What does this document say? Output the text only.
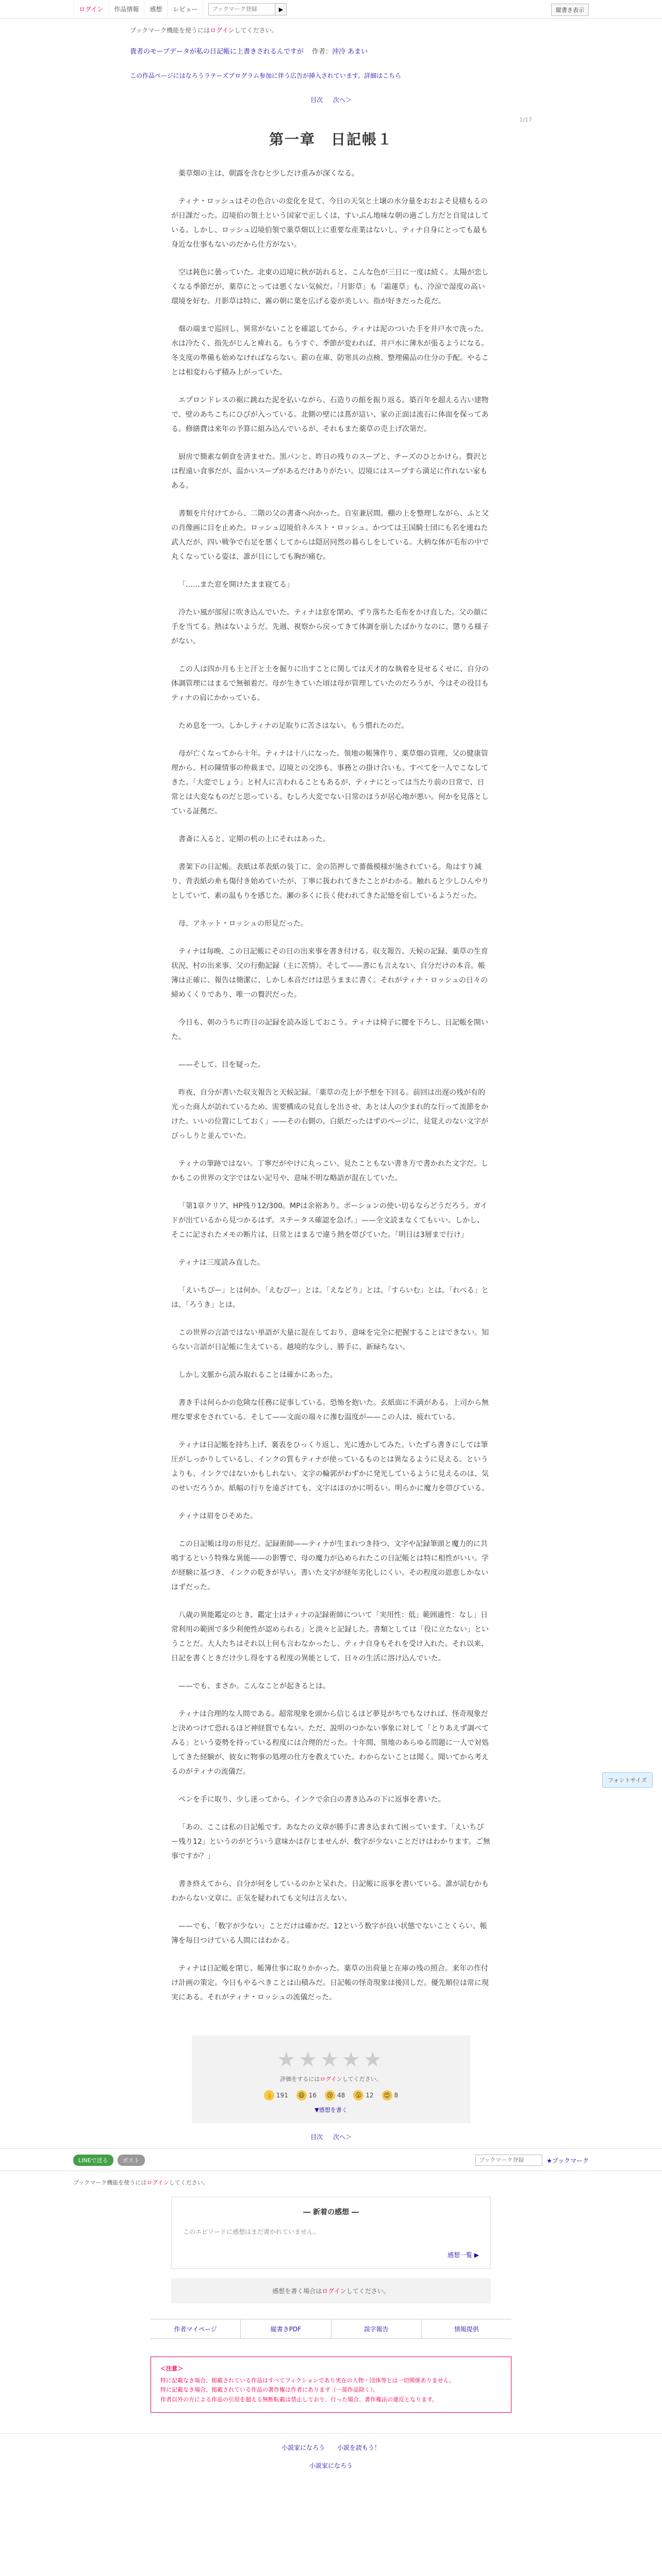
ログイン	作品情報	感想	レビュー
ブックマーク登録	▶	縦書き表示
ブックマーク機能を使うにはログインしてください。
貴者のモーブデータが私の日記帳に上書きされるんですが 作者：沖冷 あまい
この作品ページにはなろうラテーズプログラム参加に伴う広告が挿入されています。詳細はこちら
目次 次へ＞
1/17
第一章　日記帳１

薬草畑の主は、朝露を含むと少しだけ重みが深くなる。

ティナ・ロッシュはその色合いの変化を見て、今日の天気と土壌の水分量をおおよそ見積もるのが日課だった。辺境伯の領土という国家で正しくは、すいぶん地味な朝の過ごし方だと自覚はしている。しかし、ロッシュ辺境伯領で薬草畑以上に重要な産業はないし、ティナ自身にとっても最も身近な仕事もないのだから仕方がない。

空は鈍色に曇っていた。北東の辺境に秋が訪れると、こんな色が三日に一度は続く。太陽が恋しくなる季節だが、薬草にとっては悪くない気候だ。「月影草」も「霜蓮草」も、冷涼で湿度の高い環境を好む。月影草は特に、霧の朝に葉を広げる姿が美しい。指が好きだった花だ。

畑の端まで巡回し、異常がないことを確認してから、ティナは泥のついた手を井戸水で洗った。水は冷たく、指先がじんと痺れる。もうすぐ、季節が変われば、井戸水に薄氷が張るようになる。冬支度の準備も始めなければならない。薪の在庫、防寒具の点検、整理備品の仕分の手配。やることは相変わらず積み上がっていた。

エプロンドレスの裾に跳ねた泥を払いながら、石造りの館を振り返る。築百年を超える古い建物で、壁のあちこちにひびが入っている。北側の壁には蔦が這い、家の正面は流石に体面を保ってある。修繕費は来年の予算に組み込んでいるが、それもまた薬草の売上げ次第だ。

厨房で簡素な朝食を済ませた。黒パンと、昨日の残りのスープと、チーズのひとかけら。贅沢とは程遠い食事だが、温かいスープがあるだけありがたい。辺境にはスープすら満足に作れない家もある。

書類を片付けてから、二階の父の書斎へ向かった。自室兼居間。棚の上を整理しながら、ふと父の肖像画に目を止めた。ロッシュ辺境伯ネルスト・ロッシュ。かつては王国騎士団にも名を連ねた武人だが、四い戦争で右足を悪くしてからは隠居同然の暮らしをしている。大柄な体が毛布の中で丸くなっている姿は、誰が目にしても胸が痛む。

「……また窓を開けたまま寝てる」

冷たい風が部屋に吹き込んでいた。ティナは窓を閉め、ずり落ちた毛布をかけ直した。父の顔に手を当てる。熱はないようだ。先週、視察から戻ってきて体調を崩したばかりなのに、懲りる様子がない。

この人は四か月も土と汗と土を掘りに出すことに関しては天才的な執着を見せるくせに、自分の体調管理にはまるで無頓着だ。母が生きていた頃は母が管理していたのだろうが、今はその役目もティナの肩にかかっている。

ため息を一つ。しかしティナの足取りに苦さはない。もう慣れたのだ。

母が亡くなってから十年。ティナは十八になった。領地の帳簿作り、薬草畑の管理、父の健康管理から、村の陳情事の仲裁まで。辺境との交渉も、事務との掛け合いも、すべてを一人でこなしてきた。「大変でしょう」と村人に言われることもあるが、ティナにとっては当たり前の日常で、日常とは大変なものだと思っている。むしろ大変でない日常のほうが居心地が悪い。何かを見落としている証拠だ。

書斎に入ると、定期の机の上にそれはあった。

書架下の日記帳。表紙は革表紙の装丁に、金の箔押しで薔薇模様が施されている。角はすり減り、背表紙の糸も傷付き始めていたが、丁寧に扱われてきたことがわかる。触れると少しひんやりとしていて、素の温もりを感じた。瀬の多くに長く使われてきた記憶を宿しているようだった。

母、アネット・ロッシュの形見だった。

ティナは毎晩、この日記帳にその日の出来事を書き付ける。収支報告、天候の記録、薬草の生育状況、村の出来事、父の行動記録（主に苦情）。そして——書にも言えない、自分だけの本音。帳簿は正確に、報告は簡潔に、しかし本音だけは思うままに書く。それがティナ・ロッシュの日々の締めくくりであり、唯一の贅沢だった。

今日も、朝のうちに昨日の記録を読み返しておこう。ティナは椅子に腰を下ろし、日記帳を開いた。

——そして、目を疑った。

昨夜、自分が書いた収支報告と天候記録。「薬草の売上が予想を下回る。前回は出遅の残が有的光った商人が訪れているため、需要構成の見直しを出させ、あとは人の少まれ的な行って流節をかけた。いいの位置にしておく」——その右側の、白紙だったはずのページに、見覚えのない文字がびっしりと並んでいた。

ティナの筆跡ではない。丁寧だがやけに丸っこい、見たこともない書き方で書かれた文字だ。しかもこの世界の文字ではない記号や、意味不明な略語が混在していた。

「第1章クリア、HP残り12/300。MPは余裕あり。ポーションの使い切るならどうだろう。ガイドが出ているから見つかるはず。ステータス確認を急げ。」——全文読まなくてもいい。しかし、そこに記されたメモの断片は、日常とはまるで違う熱を帯びていた。「明日は3層まで行け」

ティナは三度読み直した。

「えいちぴー」とは何か。「えむぴー」とは。「えなどり」とは。「すらいむ」とは。「れべる」とは、「ろうき」とは。

この世界の言語ではない単語が大量に混在しており、意味を完全に把握することはできない。知らない言語が日記帳に生えている。越境的な少し、勝手に、新緑ちない。

しかし文脈から読み取れることは確かにあった。

書き手は何らかの危険な任務に従事している。恐怖を抱いた。玄紙面に不満がある。上司から無理な要求をされている。そして——文面の端々に滲む温度が——この人は、疲れている。

ティナは日記帳を持ち上げ、裏表をひっくり返し、光に透かしてみた。いたずら書きにしては筆圧がしっかりしているし、インクの質もティナが使っているものとは異なるように見える。というよりも、インクではないかもしれない。文字の輪郭がわずかに発光しているように見えるのは、気のせいだろうか。紙幅の行りを遠ざけても、文字はほのかに明るい。明らかに魔力を帯びている。

ティナは眉をひそめた。

この日記帳は母の形見だ。記録術師——ティナが生まれつき持つ、文字や記録筆頭と魔力的に共鳴するという特殊な異能——の影響で、母の魔力が込められたこの日記帳とは特に相性がいい。学が経験に基づき、インクの乾きが早い。書いた文字が経年劣化しにくい。その程度の恩恵しかないはずだった。

八歳の異能鑑定のとき、鑑定士はティナの記録術師について「実用性：低」範囲適性：なし」日常利用の範囲で多少利便性が認められる」と淡々と記録した。書類としては「役に立たない」ということだ。大人たちはそれ以上何も言わなかったし、ティナ自身もそれを受け入れた。それ以来、日記を書くときだけ少し得をする程度の異能として、日々の生活に溶け込んでいた。

——でも、まさか。こんなことが起きるとは。

ティナは合理的な人間である。超常現象を頭から信じるほど夢見がちでもなければ、怪奇現象だと決めつけて恐れるほど神経質でもない。ただ、説明のつかない事象に対して「とりあえず調べてみる」という姿勢を持っている程度には合理的だった。十年間、領地のあらゆる問題に一人で対処してきた経験が、彼女に物事の処理の仕方を教えていた。わからないことは聞く。聞いてから考えるのがティナの流儀だ。

ペンを手に取り、少し迷ってから、インクで余白の書き込みの下に返事を書いた。

「あの、ここは私の日記帳です。あなたの文章が勝手に書き込まれて困っています。「えいちぴー残り12」というのがどういう意味かは存じませんが、数字が少ないことだけはわかります。ご無事ですか？」

書き終えてから、自分が何をしているのかと呆れた。日記帳に返事を書いている。誰が読むかもわからない文章に。正気を疑われても文句は言えない。

——でも、「数字が少ない」ことだけは確かだ。12という数字が良い状態でないことくらい、帳簿を毎日つけている人間にはわかる。

ティナは日記帳を閉じ、帳簿仕事に取りかかった。薬草の出荷量と在庫の残の照合。来年の作付け計画の策定。今日もやるべきことは山積みだ。日記帳の怪奇現象は後回しだ。優先順位は常に現実にある。それがティナ・ロッシュの流儀だった。

フォントサイズ
★★★★★
評価をするにはログインしてください。
👍 191	😄 16	😢 48	😮 12	😍 8
▼感想を書く
目次 次へ＞
LINEで送る	ポスト
ブックマーク登録	★ブックマーク
ブックマーク機能を使うにはログインしてください。
― 新着の感想 ―
このエピソードに感想はまだ書かれていません。
感想一覧 ▶
感想を書く場合はログインしてください。
作者マイページ	縦書きPDF	誤字報告	情報提供
＜注意＞
特に記載なき場合、掲載されている作品はすべてフィクションであり実在の人物・団体等とは一切関係ありません。
特に記載なき場合、掲載されている作品の著作権は作者にあります（一部作品除く）。
作者以外の方による作品の引用を超える無断転載は禁止しており、行った場合、著作権法の違反となります。
小説家になろう 小説を読もう！
小説家になろう
